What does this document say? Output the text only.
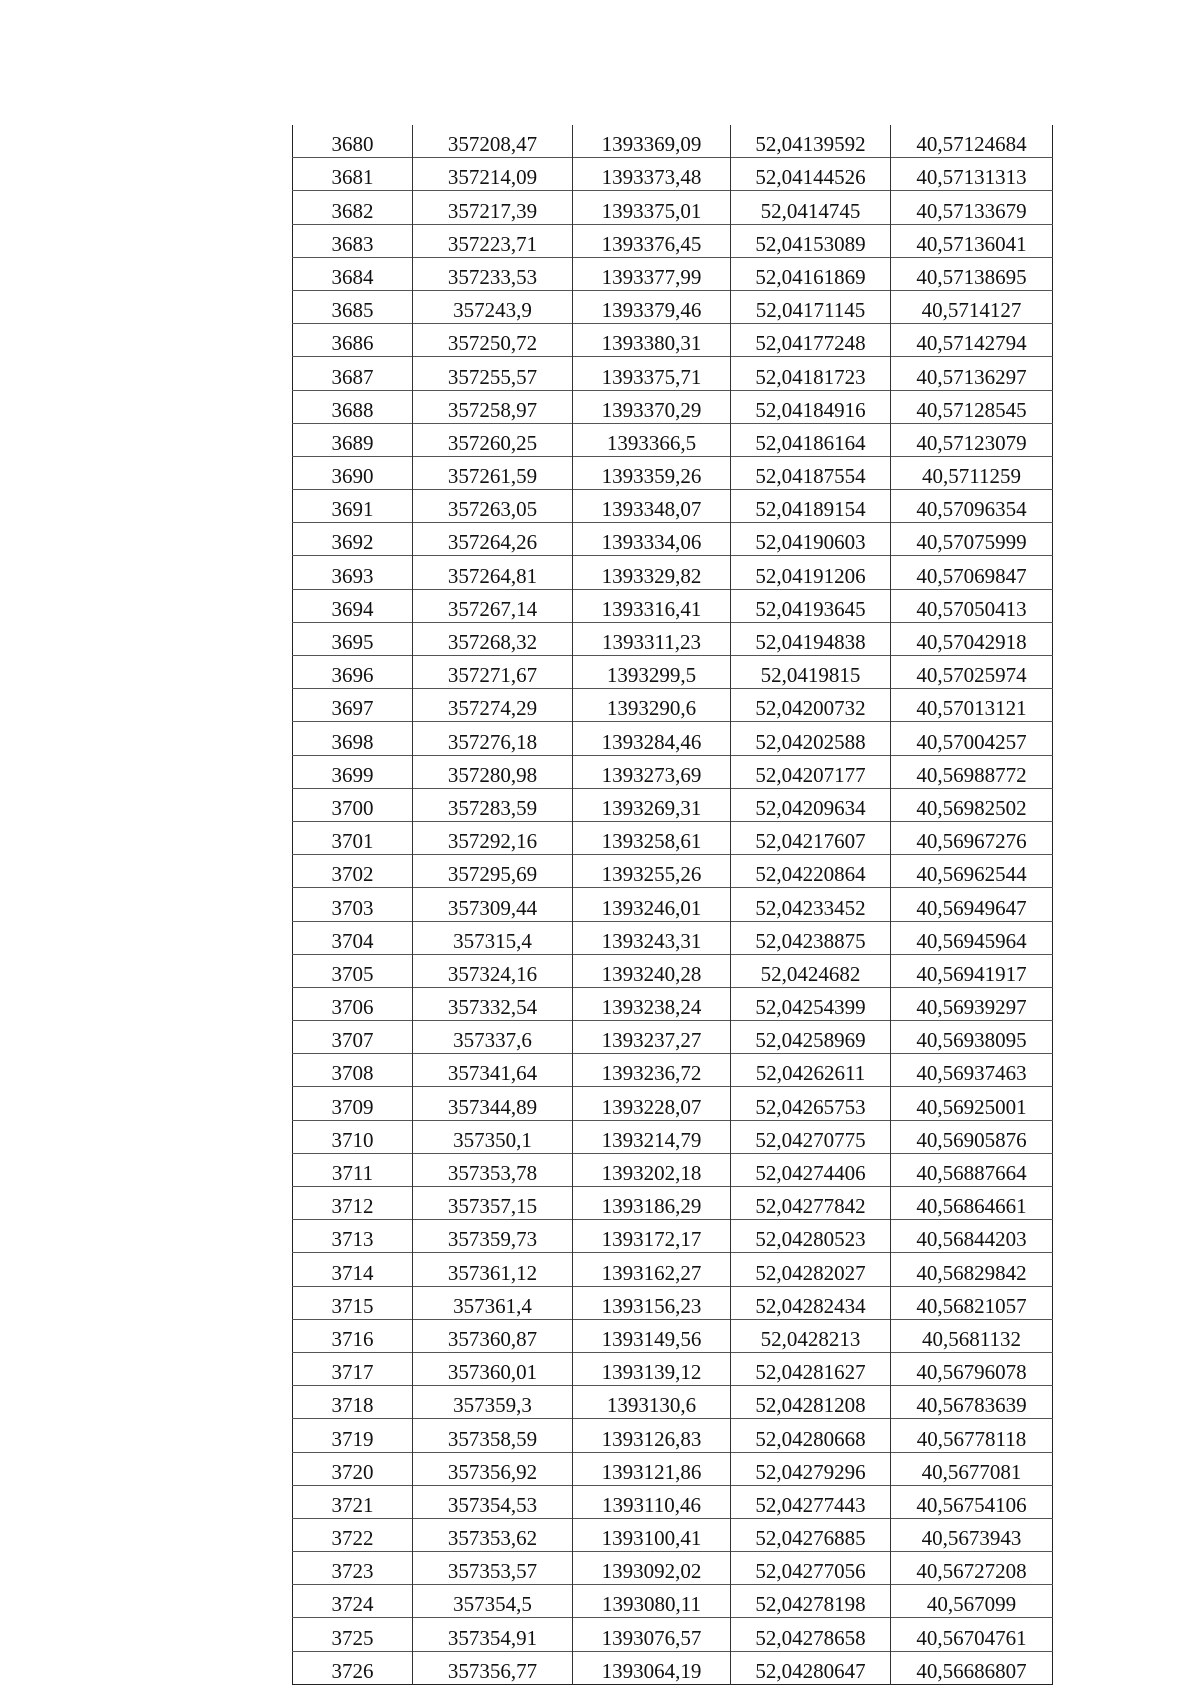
3680	357208,47	1393369,09	52,04139592	40,57124684
3681	357214,09	1393373,48	52,04144526	40,57131313
3682	357217,39	1393375,01	52,0414745	40,57133679
3683	357223,71	1393376,45	52,04153089	40,57136041
3684	357233,53	1393377,99	52,04161869	40,57138695
3685	357243,9	1393379,46	52,04171145	40,5714127
3686	357250,72	1393380,31	52,04177248	40,57142794
3687	357255,57	1393375,71	52,04181723	40,57136297
3688	357258,97	1393370,29	52,04184916	40,57128545
3689	357260,25	1393366,5	52,04186164	40,57123079
3690	357261,59	1393359,26	52,04187554	40,5711259
3691	357263,05	1393348,07	52,04189154	40,57096354
3692	357264,26	1393334,06	52,04190603	40,57075999
3693	357264,81	1393329,82	52,04191206	40,57069847
3694	357267,14	1393316,41	52,04193645	40,57050413
3695	357268,32	1393311,23	52,04194838	40,57042918
3696	357271,67	1393299,5	52,0419815	40,57025974
3697	357274,29	1393290,6	52,04200732	40,57013121
3698	357276,18	1393284,46	52,04202588	40,57004257
3699	357280,98	1393273,69	52,04207177	40,56988772
3700	357283,59	1393269,31	52,04209634	40,56982502
3701	357292,16	1393258,61	52,04217607	40,56967276
3702	357295,69	1393255,26	52,04220864	40,56962544
3703	357309,44	1393246,01	52,04233452	40,56949647
3704	357315,4	1393243,31	52,04238875	40,56945964
3705	357324,16	1393240,28	52,0424682	40,56941917
3706	357332,54	1393238,24	52,04254399	40,56939297
3707	357337,6	1393237,27	52,04258969	40,56938095
3708	357341,64	1393236,72	52,04262611	40,56937463
3709	357344,89	1393228,07	52,04265753	40,56925001
3710	357350,1	1393214,79	52,04270775	40,56905876
3711	357353,78	1393202,18	52,04274406	40,56887664
3712	357357,15	1393186,29	52,04277842	40,56864661
3713	357359,73	1393172,17	52,04280523	40,56844203
3714	357361,12	1393162,27	52,04282027	40,56829842
3715	357361,4	1393156,23	52,04282434	40,56821057
3716	357360,87	1393149,56	52,0428213	40,5681132
3717	357360,01	1393139,12	52,04281627	40,56796078
3718	357359,3	1393130,6	52,04281208	40,56783639
3719	357358,59	1393126,83	52,04280668	40,56778118
3720	357356,92	1393121,86	52,04279296	40,5677081
3721	357354,53	1393110,46	52,04277443	40,56754106
3722	357353,62	1393100,41	52,04276885	40,5673943
3723	357353,57	1393092,02	52,04277056	40,56727208
3724	357354,5	1393080,11	52,04278198	40,567099
3725	357354,91	1393076,57	52,04278658	40,56704761
3726	357356,77	1393064,19	52,04280647	40,56686807
